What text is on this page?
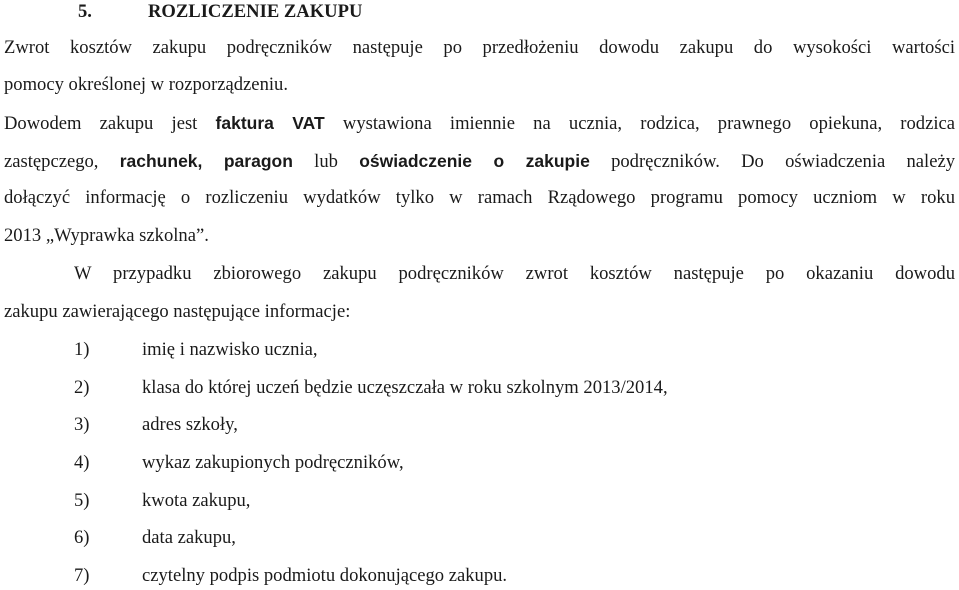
5.	ROZLICZENIE ZAKUPU
Zwrot kosztów zakupu podręczników następuje po przedłożeniu dowodu zakupu do wysokości wartości
pomocy określonej w rozporządzeniu.
Dowodem zakupu jest faktura VAT wystawiona imiennie na ucznia, rodzica, prawnego opiekuna, rodzica
zastępczego, rachunek, paragon lub oświadczenie o zakupie podręczników. Do oświadczenia należy
dołączyć informację o rozliczeniu wydatków tylko w ramach Rządowego programu pomocy uczniom w roku
2013 „Wyprawka szkolna”.
W przypadku zbiorowego zakupu podręczników zwrot kosztów następuje po okazaniu dowodu
zakupu zawierającego następujące informacje:
1)	imię i nazwisko ucznia,
2)	klasa do której uczeń będzie uczęszczała w roku szkolnym 2013/2014,
3)	adres szkoły,
4)	wykaz zakupionych podręczników,
5)	kwota zakupu,
6)	data zakupu,
7)	czytelny podpis podmiotu dokonującego zakupu.
